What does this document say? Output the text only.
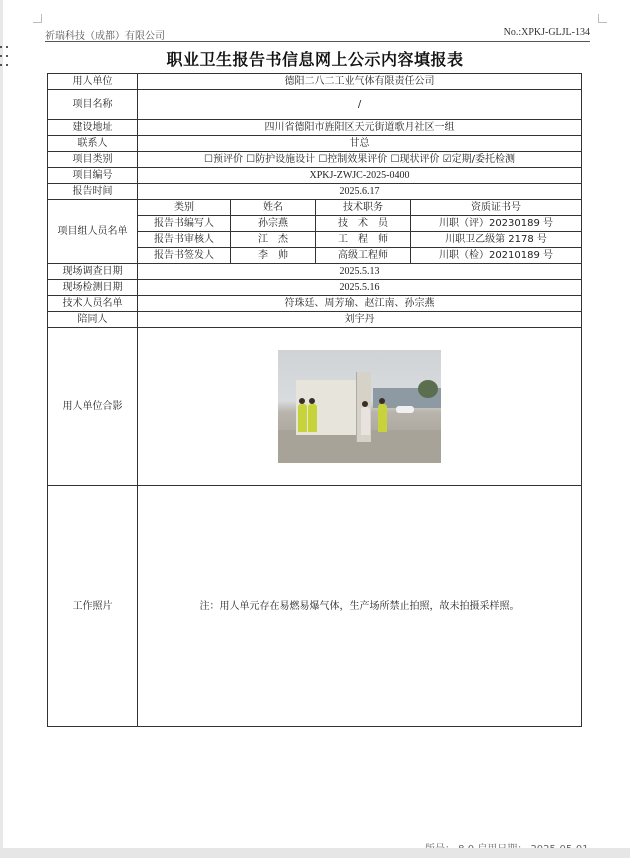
祈瑞科技（成都）有限公司	No.:XPKJ-GLJL-134
职业卫生报告书信息网上公示内容填报表
用人单位	德阳二八二工业气体有限责任公司			
项目名称	/			
建设地址	四川省德阳市旌阳区天元街道歌月社区一组			
联系人	甘总			
项目类别	☐预评价 ☐防护设施设计 ☐控制效果评价 ☐现状评价 ☑定期/委托检测			
项目编号	XPKJ-ZWJC-2025-0400			
报告时间	2025.6.17			
项目组人员名单	类别	姓名	技术职务	资质证书号
	报告书编写人	孙宗燕	技　术　员	川职（评）20230189 号
	报告书审核人	江　杰	工　程　师	川职卫乙级第 2178 号
	报告书签发人	李　帅	高级工程师	川职（检）20210189 号
现场调查日期	2025.5.13			
现场检测日期	2025.5.16			
技术人员名单	符珠廷、周芳瑜、赵江南、孙宗燕			
陪同人	刘宇丹			
用人单位合影				

工作照片	注：用人单元存在易燃易爆气体，生产场所禁止拍照，故未拍摄采样照。			
